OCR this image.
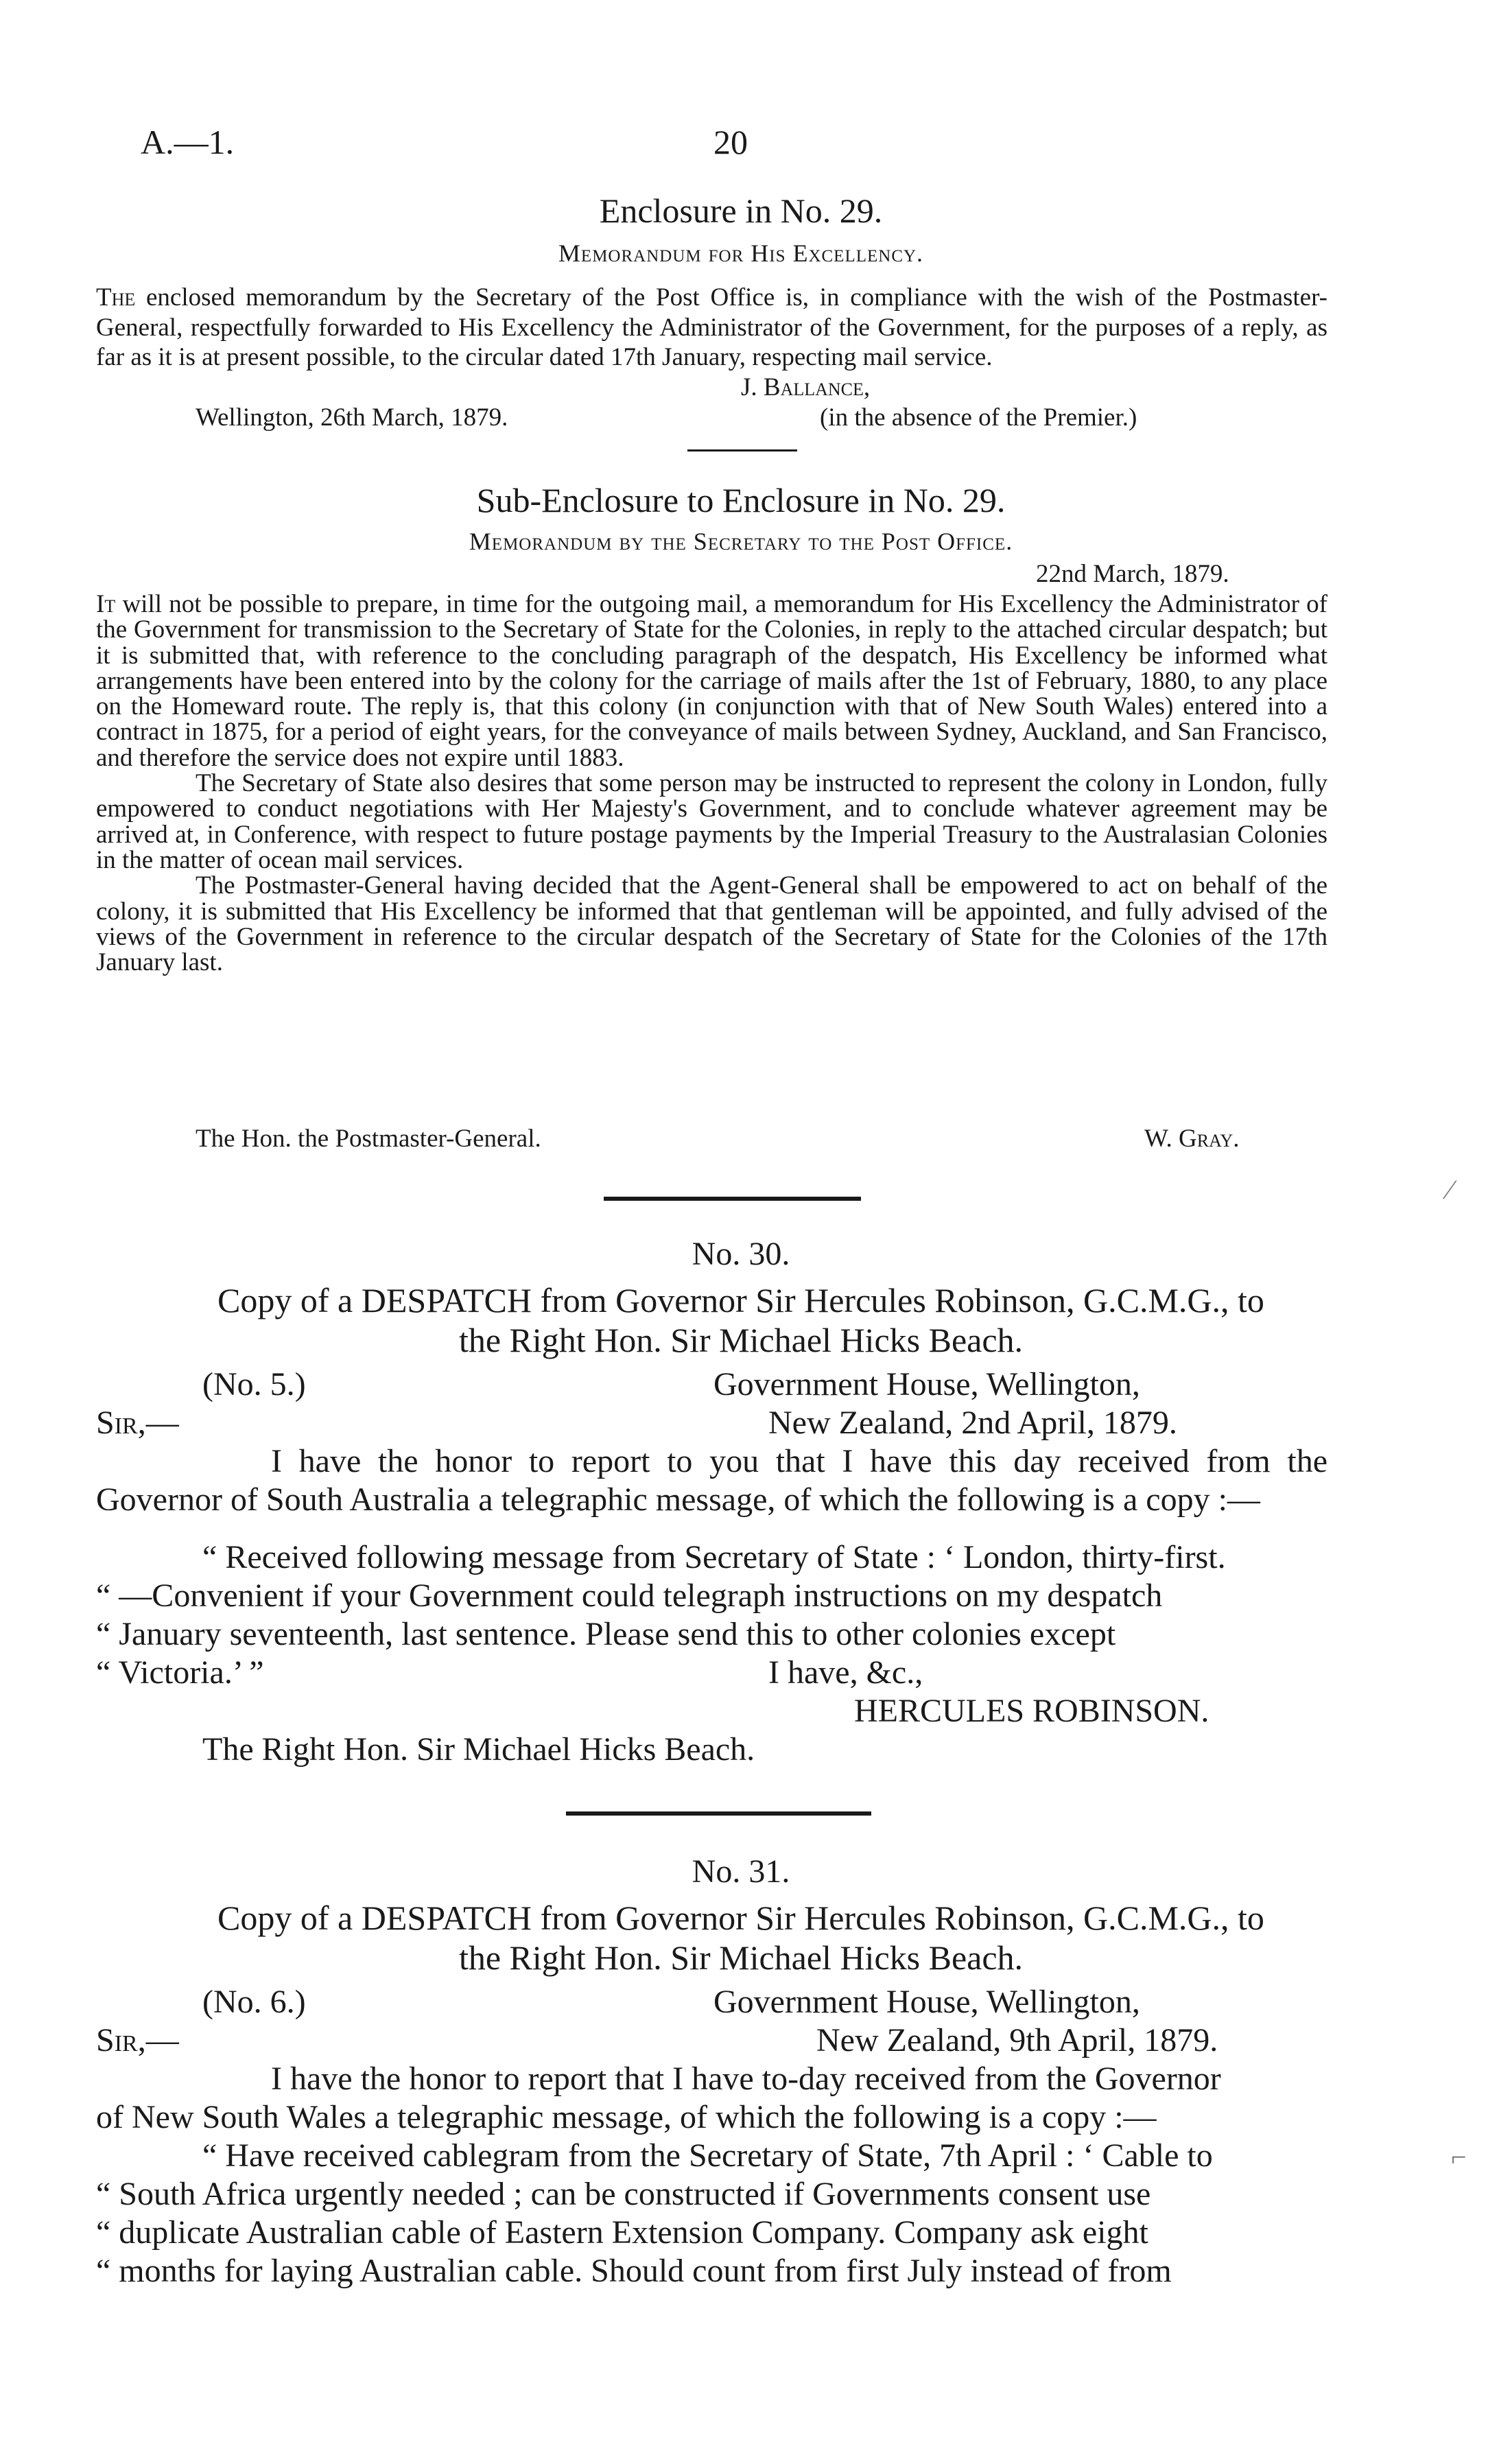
A.—1.	20
Enclosure in No. 29.
Memorandum for His Excellency.

The enclosed memorandum by the Secretary of the Post Office is, in compliance with the wish of the Postmaster-General, respectfully forwarded to His Excellency the Administrator of the Government, for the purposes of a reply, as far as it is at present possible, to the circular dated 17th January, respecting mail service.

J. Ballance,
Wellington, 26th March, 1879.	(in the absence of the Premier.)
Sub-Enclosure to Enclosure in No. 29.
Memorandum by the Secretary to the Post Office.
22nd March, 1879.

It will not be possible to prepare, in time for the outgoing mail, a memorandum for His Excellency the Administrator of the Government for transmission to the Secretary of State for the Colonies, in reply to the attached circular despatch; but it is submitted that, with reference to the concluding paragraph of the despatch, His Excellency be informed what arrangements have been entered into by the colony for the carriage of mails after the 1st of February, 1880, to any place on the Homeward route. The reply is, that this colony (in conjunction with that of New South Wales) entered into a contract in 1875, for a period of eight years, for the conveyance of mails between Sydney, Auckland, and San Francisco, and therefore the service does not expire until 1883.

The Secretary of State also desires that some person may be instructed to represent the colony in London, fully empowered to conduct negotiations with Her Majesty's Government, and to conclude whatever agreement may be arrived at, in Conference, with respect to future postage payments by the Imperial Treasury to the Australasian Colonies in the matter of ocean mail services.

The Postmaster-General having decided that the Agent-General shall be empowered to act on behalf of the colony, it is submitted that His Excellency be informed that that gentleman will be appointed, and fully advised of the views of the Government in reference to the circular despatch of the Secretary of State for the Colonies of the 17th January last.

The Hon. the Postmaster-General.	W. Gray.
No. 30.
Copy of a DESPATCH from Governor Sir Hercules Robinson, G.C.M.G., to
the Right Hon. Sir Michael Hicks Beach.
(No. 5.)	Government House, Wellington,
Sir,—	New Zealand, 2nd April, 1879.

I have the honor to report to you that I have this day received from the Governor of South Australia a telegraphic message, of which the following is a copy :—

“ Received following message from Secretary of State : ‘ London, thirty-first.
“ —Convenient if your Government could telegraph instructions on my despatch
“ January seventeenth, last sentence. Please send this to other colonies except
“ Victoria.’ ”	I have, &c.,
HERCULES ROBINSON.
The Right Hon. Sir Michael Hicks Beach.
No. 31.
Copy of a DESPATCH from Governor Sir Hercules Robinson, G.C.M.G., to
the Right Hon. Sir Michael Hicks Beach.
(No. 6.)	Government House, Wellington,
Sir,—	New Zealand, 9th April, 1879.
I have the honor to report that I have to-day received from the Governor
of New South Wales a telegraphic message, of which the following is a copy :—
“ Have received cablegram from the Secretary of State, 7th April : ‘ Cable to
“ South Africa urgently needed ; can be constructed if Governments consent use
“ duplicate Australian cable of Eastern Extension Company. Company ask eight
“ months for laying Australian cable. Should count from first July instead of from
⁄
⌐
